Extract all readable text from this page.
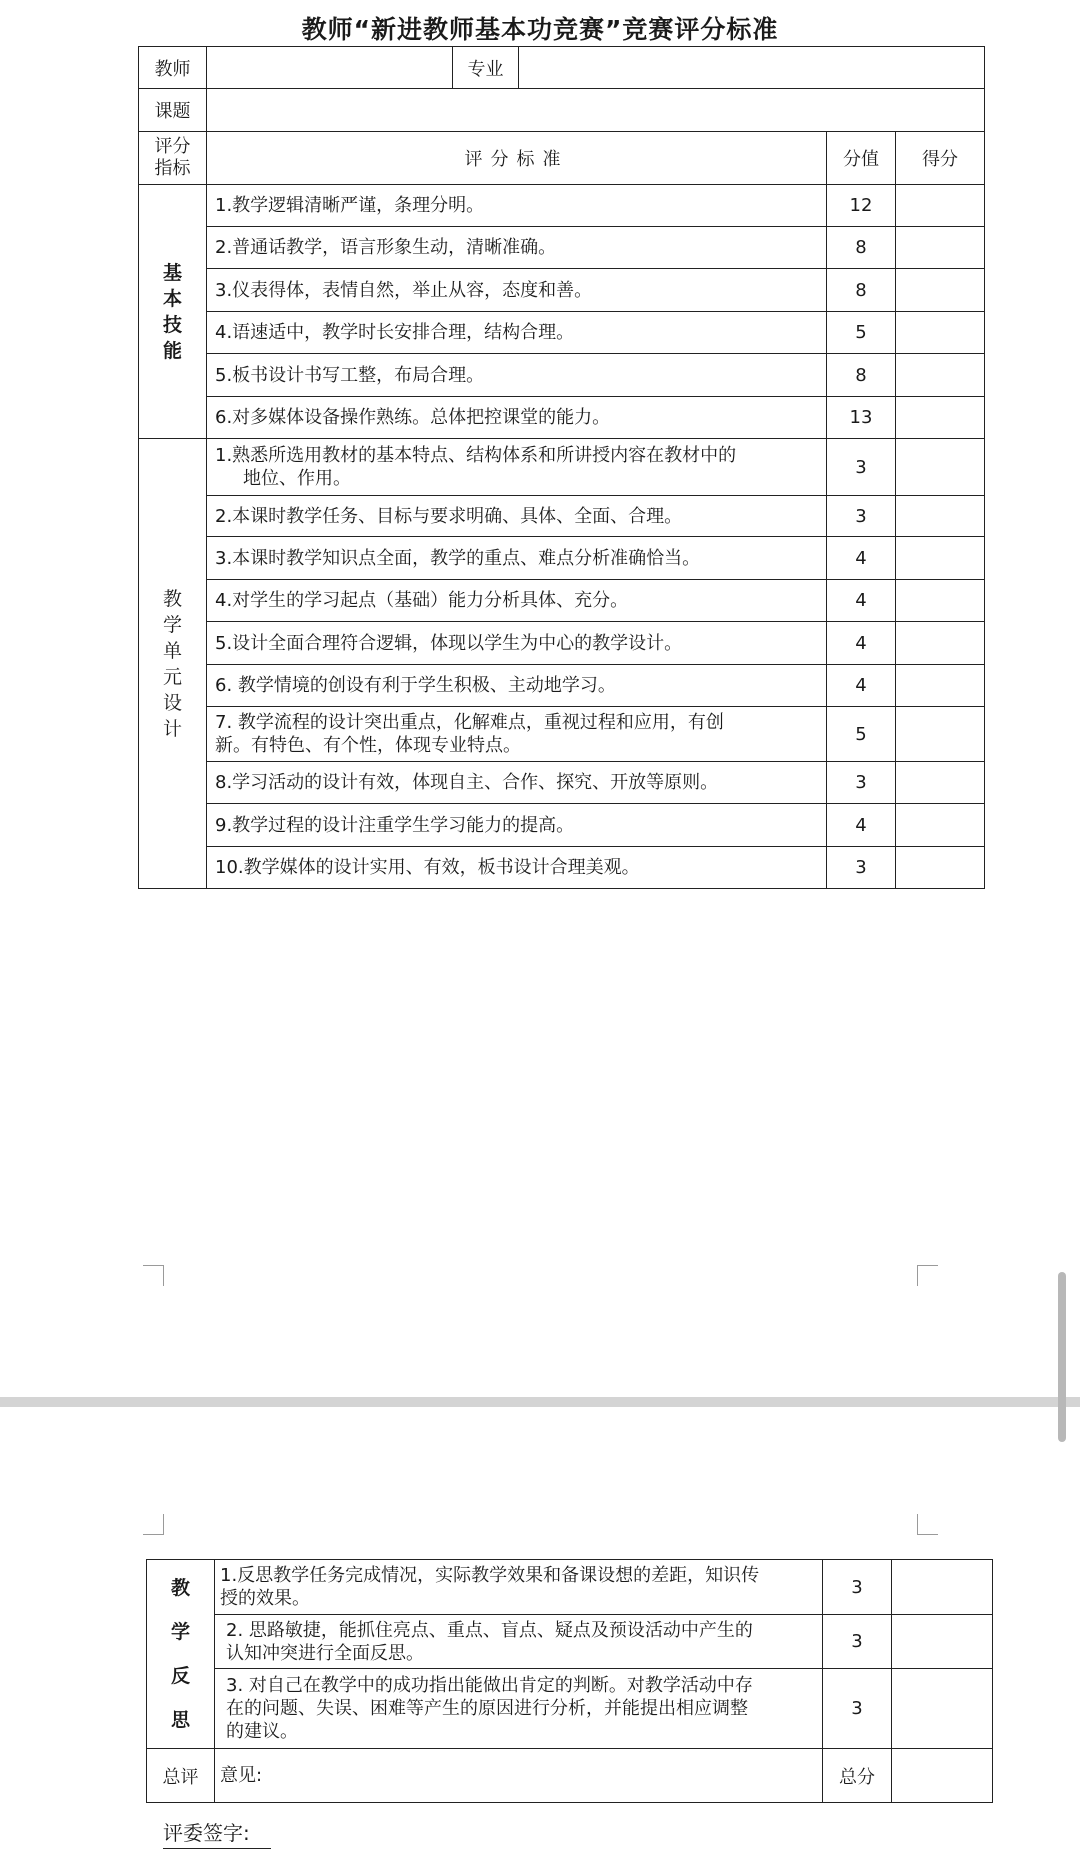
教师“新进教师基本功竞赛”竞赛评分标准
教师		专业			
课题					

评分
指标	评分标准			分值	得分

基本技能	1.教学逻辑清晰严谨，条理分明。			12	
	2.普通话教学，语言形象生动，清晰准确。			8	
	3.仪表得体，表情自然，举止从容，态度和善。			8	
	4.语速适中，教学时长安排合理，结构合理。			5	
	5.板书设计书写工整，布局合理。			8	
	6.对多媒体设备操作熟练。总体把控课堂的能力。			13	

教学单元设计	1.熟悉所选用教材的基本特点、结构体系和所讲授内容在教材中的
地位、作用。			3	
	2.本课时教学任务、目标与要求明确、具体、全面、合理。			3	
	3.本课时教学知识点全面，教学的重点、难点分析准确恰当。			4	
	4.对学生的学习起点（基础）能力分析具体、充分。			4	
	5.设计全面合理符合逻辑，体现以学生为中心的教学设计。			4	
	6. 教学情境的创设有利于学生积极、主动地学习。			4	

	7. 教学流程的设计突出重点，化解难点，重视过程和应用，有创
新。有特色、有个性，体现专业特点。			5	
	8.学习活动的设计有效，体现自主、合作、探究、开放等原则。			3	
	9.教学过程的设计注重学生学习能力的提高。			4	
	10.教学媒体的设计实用、有效，板书设计合理美观。			3	
教学反思	1.反思教学任务完成情况，实际教学效果和备课设想的差距，知识传
授的效果。	3	

	2. 思路敏捷，能抓住亮点、重点、盲点、疑点及预设活动中产生的
认知冲突进行全面反思。	3	

	3. 对自己在教学中的成功指出能做出肯定的判断。对教学活动中存
在的问题、失误、困难等产生的原因进行分析，并能提出相应调整
的建议。	3	
总评	意见:	总分	
评委签字:
